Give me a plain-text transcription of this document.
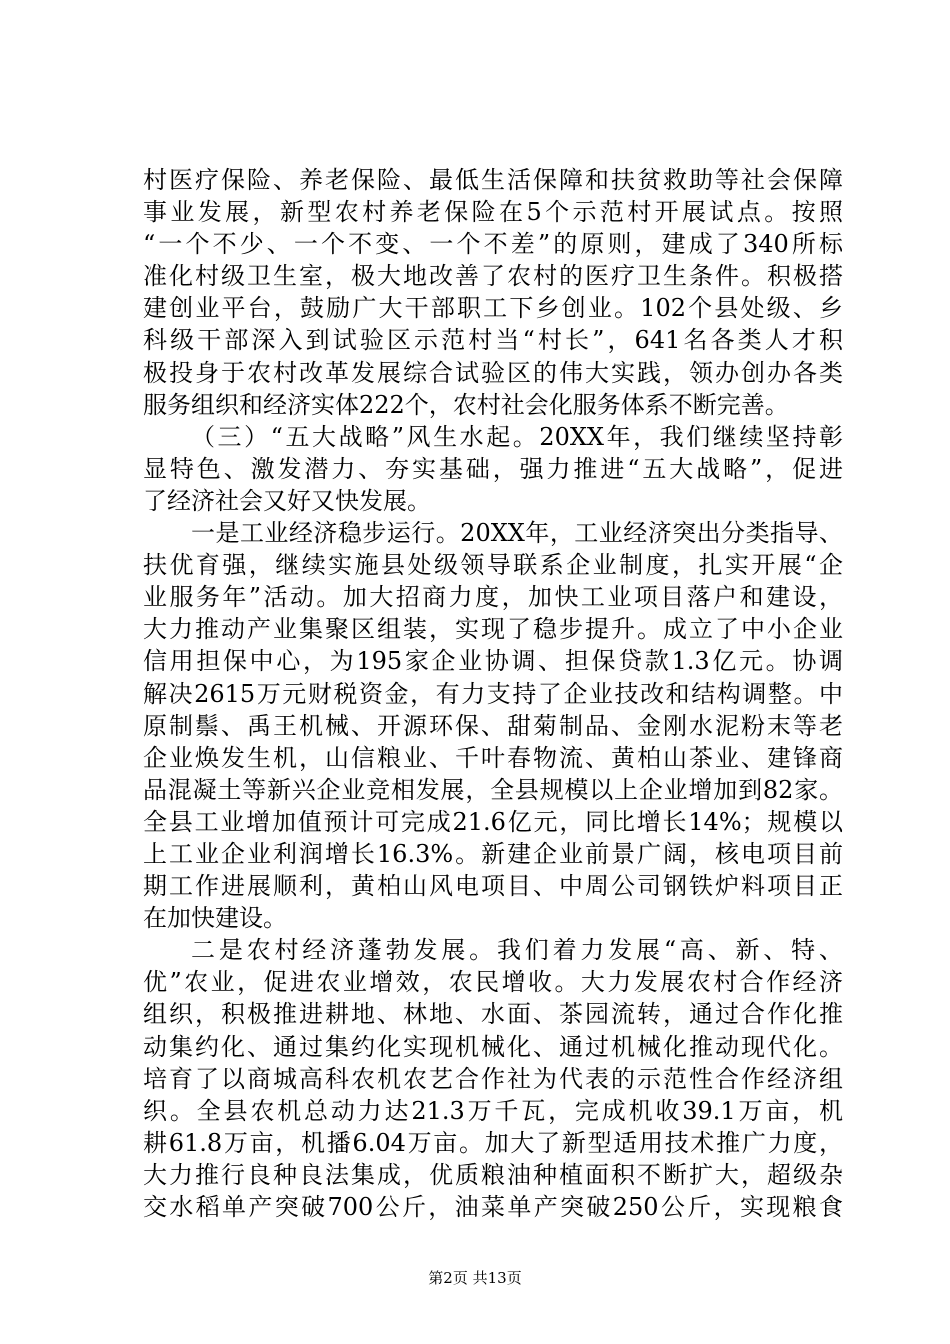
村医疗保险、养老保险、最低生活保障和扶贫救助等社会保障
事业发展，新型农村养老保险在5个示范村开展试点。按照
“一个不少、一个不变、一个不差”的原则，建成了340所标
准化村级卫生室，极大地改善了农村的医疗卫生条件。积极搭
建创业平台，鼓励广大干部职工下乡创业。102个县处级、乡
科级干部深入到试验区示范村当“村长”，641名各类人才积
极投身于农村改革发展综合试验区的伟大实践，领办创办各类
服务组织和经济实体222个，农村社会化服务体系不断完善。
（三）“五大战略”风生水起。20XX年，我们继续坚持彰
显特色、激发潜力、夯实基础，强力推进“五大战略”，促进
了经济社会又好又快发展。
一是工业经济稳步运行。20XX年，工业经济突出分类指导、
扶优育强，继续实施县处级领导联系企业制度，扎实开展“企
业服务年”活动。加大招商力度，加快工业项目落户和建设，
大力推动产业集聚区组装，实现了稳步提升。成立了中小企业
信用担保中心，为195家企业协调、担保贷款1.3亿元。协调
解决2615万元财税资金，有力支持了企业技改和结构调整。中
原制鬃、禹王机械、开源环保、甜菊制品、金刚水泥粉末等老
企业焕发生机，山信粮业、千叶春物流、黄柏山茶业、建锋商
品混凝土等新兴企业竞相发展，全县规模以上企业增加到82家。
全县工业增加值预计可完成21.6亿元，同比增长14%；规模以
上工业企业利润增长16.3%。新建企业前景广阔，核电项目前
期工作进展顺利，黄柏山风电项目、中周公司钢铁炉料项目正
在加快建设。
二是农村经济蓬勃发展。我们着力发展“高、新、特、
优”农业，促进农业增效，农民增收。大力发展农村合作经济
组织，积极推进耕地、林地、水面、茶园流转，通过合作化推
动集约化、通过集约化实现机械化、通过机械化推动现代化。
培育了以商城高科农机农艺合作社为代表的示范性合作经济组
织。全县农机总动力达21.3万千瓦，完成机收39.1万亩，机
耕61.8万亩，机播6.04万亩。加大了新型适用技术推广力度，
大力推行良种良法集成，优质粮油种植面积不断扩大，超级杂
交水稻单产突破700公斤，油菜单产突破250公斤，实现粮食
第2页 共13页
